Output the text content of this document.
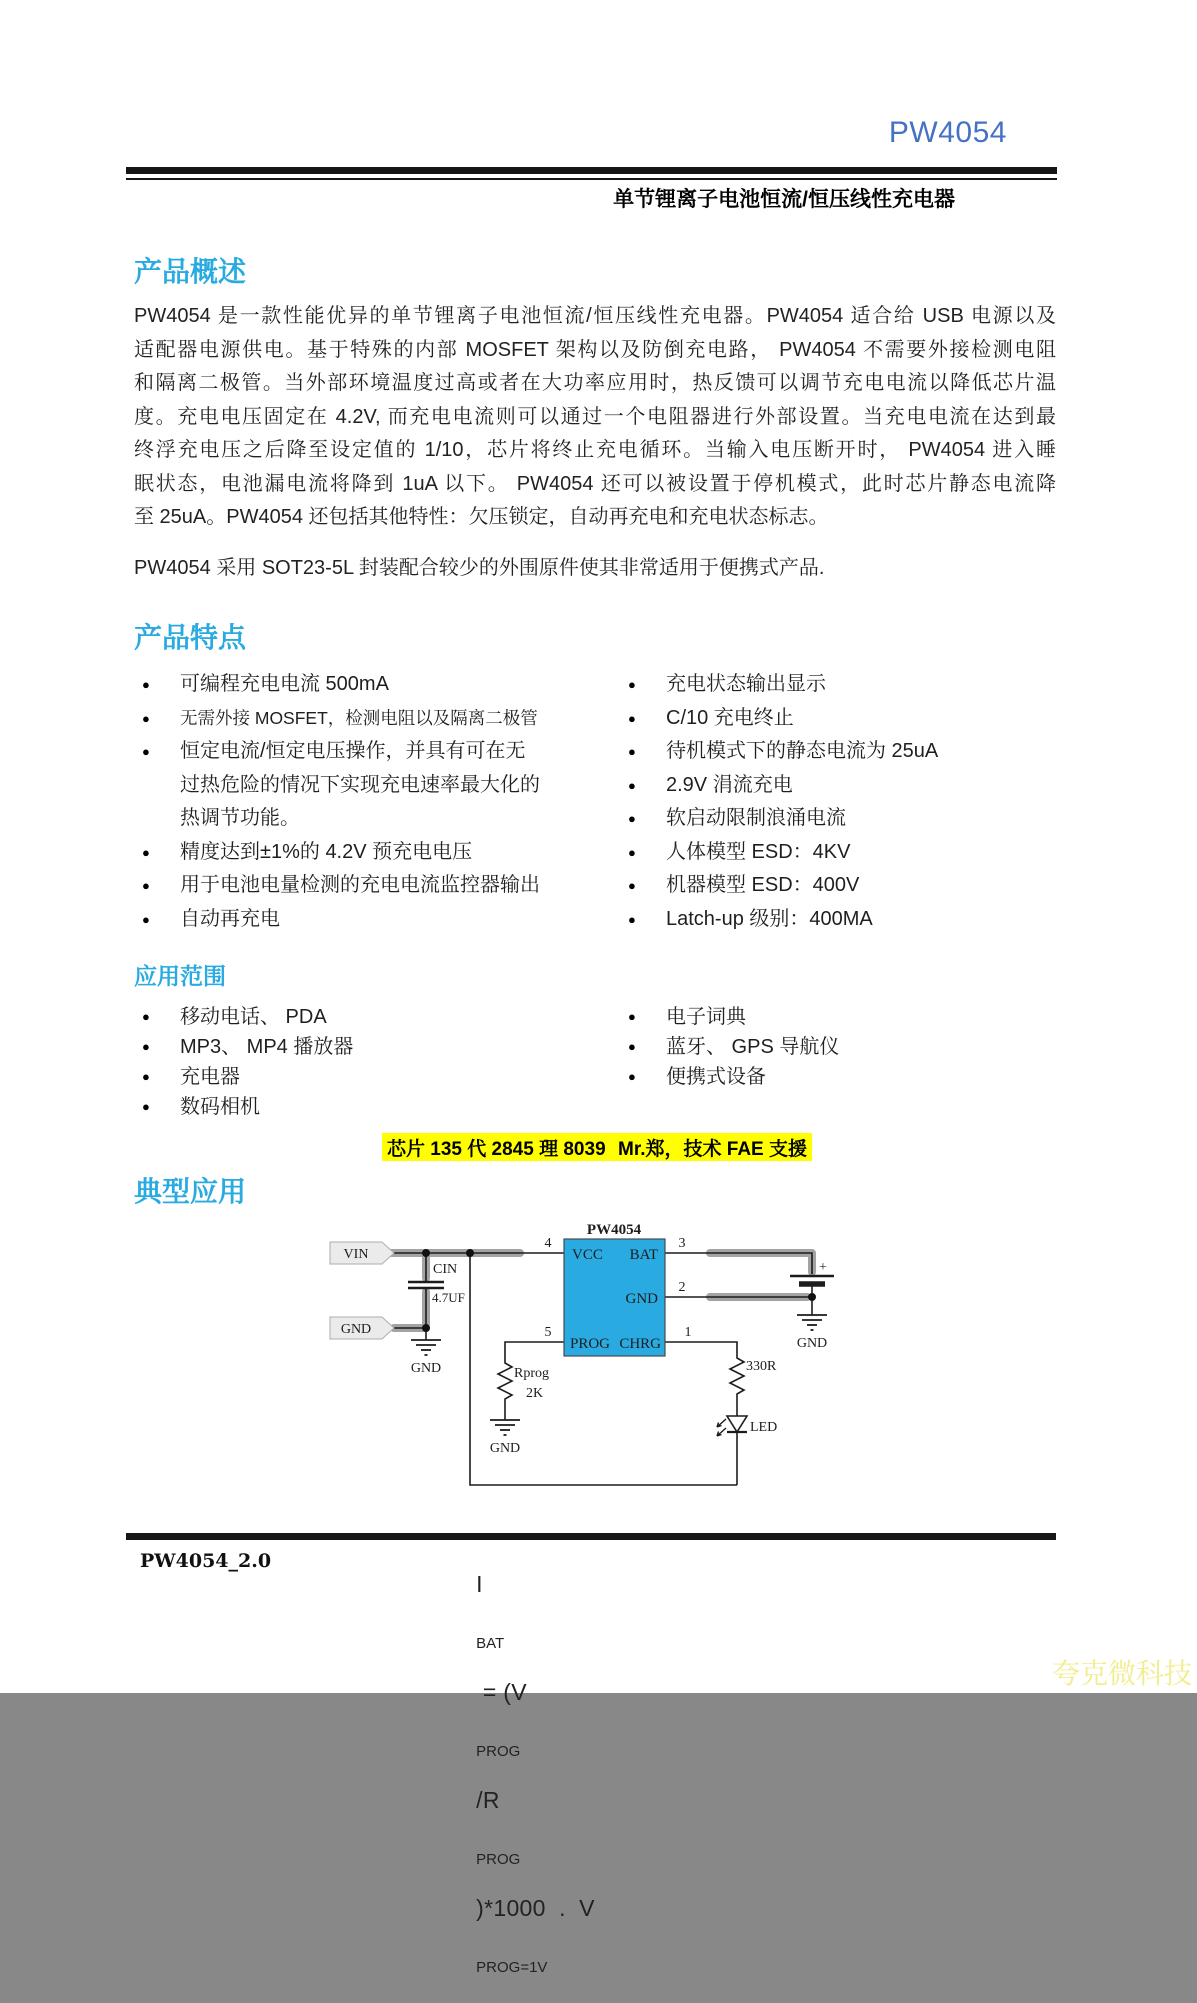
PW4054
单节锂离子电池恒流/恒压线性充电器
产品概述
PW4054 是一款性能优异的单节锂离子电池恒流/恒压线性充电器。PW4054 适合给 USB 电源以及
适配器电源供电。基于特殊的内部 MOSFET 架构以及防倒充电路， PW4054 不需要外接检测电阻
和隔离二极管。当外部环境温度过高或者在大功率应用时，热反馈可以调节充电电流以降低芯片温
度。充电电压固定在 4.2V, 而充电电流则可以通过一个电阻器进行外部设置。当充电电流在达到最
终浮充电压之后降至设定值的 1/10，芯片将终止充电循环。当输入电压断开时， PW4054 进入睡
眠状态，电池漏电流将降到 1uA 以下。 PW4054 还可以被设置于停机模式，此时芯片静态电流降
至 25uA。PW4054 还包括其他特性：欠压锁定，自动再充电和充电状态标志。
PW4054 采用 SOT23-5L 封装配合较少的外围原件使其非常适用于便携式产品.
产品特点
●	可编程充电电流 500mA
●	无需外接 MOSFET，检测电阻以及隔离二极管
●	恒定电流/恒定电压操作，并具有可在无过热危险的情况下实现充电速率最大化的热调节功能。
●	精度达到±1%的 4.2V 预充电电压
●	用于电池电量检测的充电电流监控器输出
●	自动再充电
●	充电状态输出显示
●	C/10 充电终止
●	待机模式下的静态电流为 25uA
●	2.9V 涓流充电
●	软启动限制浪涌电流
●	人体模型 ESD：4KV
●	机器模型 ESD：400V
●	Latch-up 级别：400MA
应用范围
●	移动电话、 PDA
●	MP3、 MP4 播放器
●	充电器
●	数码相机
●	电子词典
●	蓝牙、 GPS 导航仪
●	便携式设备
芯片 135 代 2845 理 8039 Mr.郑，技术 FAE 支援
典型应用
VIN
GND
CIN
4.7UF
GND
PW4054
VCC BAT
GND
PROG CHRG
4	3
2
5	1
Rprog
2K
GND
+
GND
330R
LED

I

BAT

= (V

PROG

/R

PROG

)*1000  .  V

PROG=1V

PW4054_2.0
夸克微科技
